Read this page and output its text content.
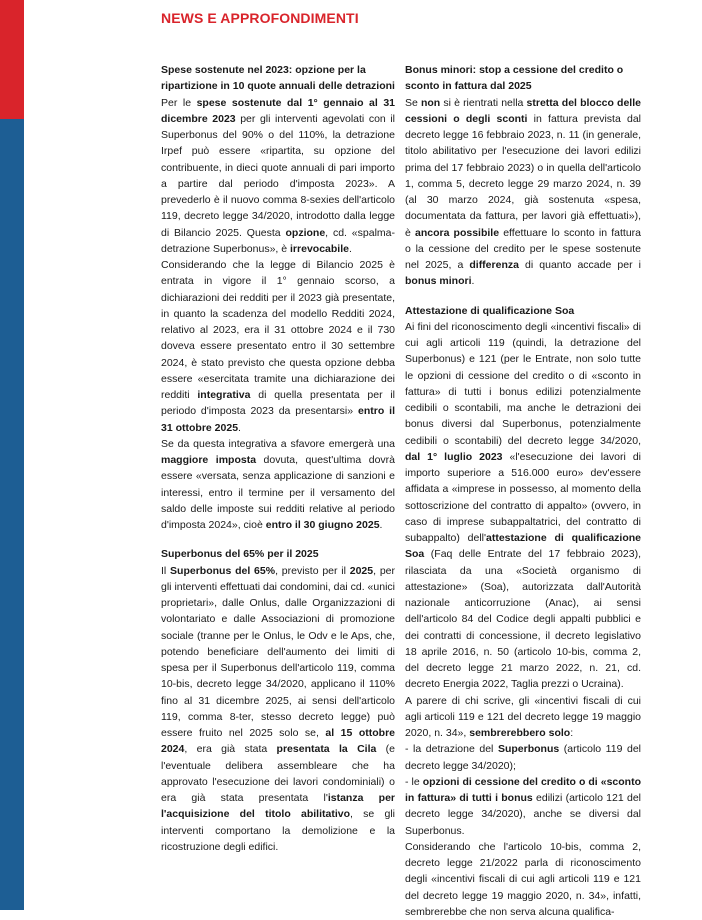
NEWS E APPROFONDIMENTI
Spese sostenute nel 2023: opzione per la ripartizione in 10 quote annuali delle detrazioni

Per le spese sostenute dal 1° gennaio al 31 dicembre 2023 per gli interventi agevolati con il Superbonus del 90% o del 110%, la detrazione Irpef può essere «ripartita, su opzione del contribuente, in dieci quote annuali di pari importo a partire dal periodo d'imposta 2023». A prevederlo è il nuovo comma 8-sexies dell'articolo 119, decreto legge 34/2020, introdotto dalla legge di Bilancio 2025. Questa opzione, cd. «spalma-detrazione Superbonus», è irrevocabile.

Considerando che la legge di Bilancio 2025 è entrata in vigore il 1° gennaio scorso, a dichiarazioni dei redditi per il 2023 già presentate, in quanto la scadenza del modello Redditi 2024, relativo al 2023, era il 31 ottobre 2024 e il 730 doveva essere presentato entro il 30 settembre 2024, è stato previsto che questa opzione debba essere «esercitata tramite una dichiarazione dei redditi integrativa di quella presentata per il periodo d'imposta 2023 da presentarsi» entro il 31 ottobre 2025.

Se da questa integrativa a sfavore emergerà una maggiore imposta dovuta, quest'ultima dovrà essere «versata, senza applicazione di sanzioni e interessi, entro il termine per il versamento del saldo delle imposte sui redditi relative al periodo d'imposta 2024», cioè entro il 30 giugno 2025.

Superbonus del 65% per il 2025

Il Superbonus del 65%, previsto per il 2025, per gli interventi effettuati dai condomini, dai cd. «unici proprietari», dalle Onlus, dalle Organizzazioni di volontariato e dalle Associazioni di promozione sociale (tranne per le Onlus, le Odv e le Aps, che, potendo beneficiare dell'aumento dei limiti di spesa per il Superbonus dell'articolo 119, comma 10-bis, decreto legge 34/2020, applicano il 110% fino al 31 dicembre 2025, ai sensi dell'articolo 119, comma 8-ter, stesso decreto legge) può essere fruito nel 2025 solo se, al 15 ottobre 2024, era già stata presentata la Cila (e l'eventuale delibera assembleare che ha approvato l'esecuzione dei lavori condominiali) o era già stata presentata l'istanza per l'acquisizione del titolo abilitativo, se gli interventi comportano la demolizione e la ricostruzione degli edifici.

Bonus minori: stop a cessione del credito o sconto in fattura dal 2025

Se non si è rientrati nella stretta del blocco delle cessioni o degli sconti in fattura prevista dal decreto legge 16 febbraio 2023, n. 11 (in generale, titolo abilitativo per l'esecuzione dei lavori edilizi prima del 17 febbraio 2023) o in quella dell'articolo 1, comma 5, decreto legge 29 marzo 2024, n. 39 (al 30 marzo 2024, già sostenuta «spesa, documentata da fattura, per lavori già effettuati»), è ancora possibile effettuare lo sconto in fattura o la cessione del credito per le spese sostenute nel 2025, a differenza di quanto accade per i bonus minori.

Attestazione di qualificazione Soa

Ai fini del riconoscimento degli «incentivi fiscali» di cui agli articoli 119 (quindi, la detrazione del Superbonus) e 121 (per le Entrate, non solo tutte le opzioni di cessione del credito o di «sconto in fattura» di tutti i bonus edilizi potenzialmente cedibili o scontabili, ma anche le detrazioni dei bonus diversi dal Superbonus, potenzialmente cedibili o scontabili) del decreto legge 34/2020, dal 1° luglio 2023 «l'esecuzione dei lavori di importo superiore a 516.000 euro» dev'essere affidata a «imprese in possesso, al momento della sottoscrizione del contratto di appalto» (ovvero, in caso di imprese subappaltatrici, del contratto di subappalto) dell'attestazione di qualificazione Soa (Faq delle Entrate del 17 febbraio 2023), rilasciata da una «Società organismo di attestazione» (Soa), autorizzata dall'Autorità nazionale anticorruzione (Anac), ai sensi dell'articolo 84 del Codice degli appalti pubblici e dei contratti di concessione, il decreto legislativo 18 aprile 2016, n. 50 (articolo 10-bis, comma 2, del decreto legge 21 marzo 2022, n. 21, cd. decreto Energia 2022, Taglia prezzi o Ucraina).

A parere di chi scrive, gli «incentivi fiscali di cui agli articoli 119 e 121 del decreto legge 19 maggio 2020, n. 34», sembrerebbero solo:

- la detrazione del Superbonus (articolo 119 del decreto legge 34/2020);

- le opzioni di cessione del credito o di «sconto in fattura» di tutti i bonus edilizi (articolo 121 del decreto legge 34/2020), anche se diversi dal Superbonus.

Considerando che l'articolo 10-bis, comma 2, decreto legge 21/2022 parla di riconoscimento degli «incentivi fiscali di cui agli articoli 119 e 121 del decreto legge 19 maggio 2020, n. 34», infatti, sembrerebbe che non serva alcuna qualifica-
